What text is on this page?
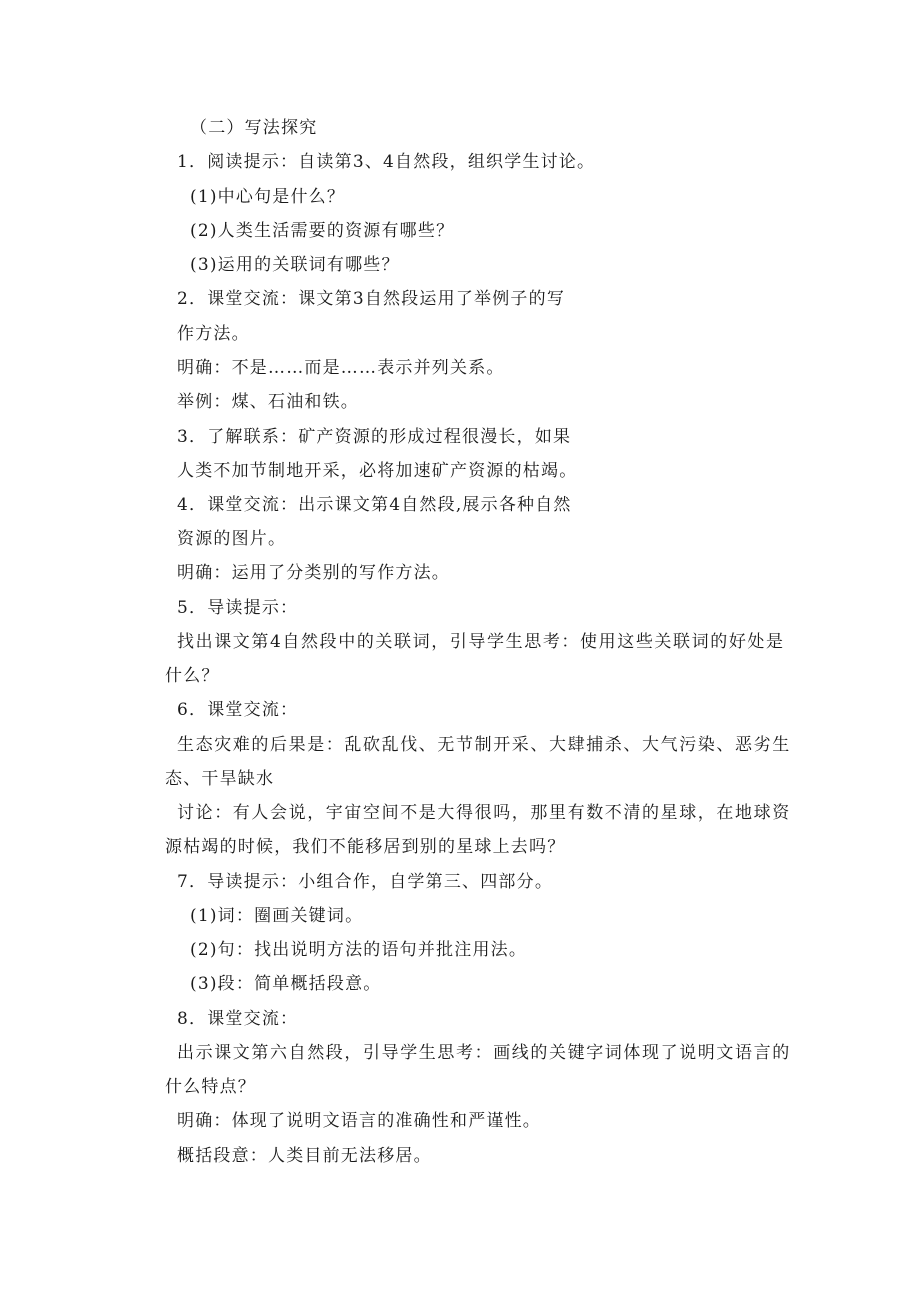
（二）写法探究
1．阅读提示：自读第3、4自然段，组织学生讨论。
(1)中心句是什么？
(2)人类生活需要的资源有哪些？
(3)运用的关联词有哪些？
2．课堂交流：课文第3自然段运用了举例子的写
作方法。
明确：不是……而是……表示并列关系。
举例：煤、石油和铁。
3．了解联系：矿产资源的形成过程很漫长，如果
人类不加节制地开采，必将加速矿产资源的枯竭。
4．课堂交流：出示课文第4自然段,展示各种自然
资源的图片。
明确：运用了分类别的写作方法。
5．导读提示：
找出课文第4自然段中的关联词，引导学生思考：使用这些关联词的好处是
什么？
6．课堂交流：
生态灾难的后果是：乱砍乱伐、无节制开采、大肆捕杀、大气污染、恶劣生
态、干旱缺水
讨论：有人会说，宇宙空间不是大得很吗，那里有数不清的星球，在地球资
源枯竭的时候，我们不能移居到别的星球上去吗？
7．导读提示：小组合作，自学第三、四部分。
(1)词：圈画关键词。
(2)句：找出说明方法的语句并批注用法。
(3)段：简单概括段意。
8．课堂交流：
出示课文第六自然段，引导学生思考：画线的关键字词体现了说明文语言的
什么特点？
明确：体现了说明文语言的准确性和严谨性。
概括段意：人类目前无法移居。
